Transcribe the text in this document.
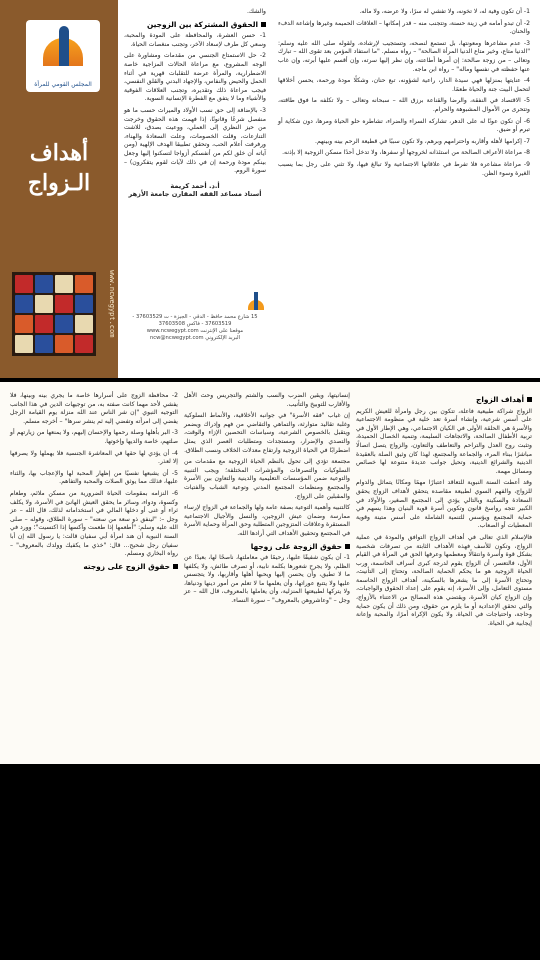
المجلس القومي للمرأة
أهداف
الـزواج
www.ncwegypt.com

والشك.

الحقوق المشتركة بين الزوجين

1- حسن العشرة، والمحافظة على المودة والمحبة، وسعي كل طرف لإسعاد الآخر، وتجنب منغصات الحياة.

2- حل الاستمتاع الجنسي من مقدمات ومشاورة على الوجه المشروع، مع مراعاة الحالات المزاجية خاصة الاضطرارية، والمرأة عرضة للتقلبات قهرية في أثناء الحمل والحيض والنفاس، والإجهاد البدني والقلق النفسي، فيجب مراعاة ذلك وتقديره، وتجنب العلاقات الفوقية والأشياء وما لا يتفق مع الفطرة الإنسانية السوية.

3- بالإضافة إلى حق نسب الأولاد والميراث حسب ما هو منفصل شرعًا وقانونًا، إذا فهمت هذه الحقوق وخرجت من حيز النظري إلى العملي، ووعيت بصدق، للاشت التنازعات، وقلت الخصومات، وعلت السعادة والهناء، ورفرفت أعلام الحب، وتحقق تطبيقا الهدف الإلهية (ومن آياته أن خلق لكم من أنفسكم أزواجا لتسكنوا إليها وجعل بينكم مودة ورحمة إن في ذلك لآيات لقوم يتفكرون) – سورة الروم.

أ.د. أحمد كريمة
أستاذ مساعد الفقه المقارن جامعة الأزهر
15 شارع محمد حافظ - الدقي - الجيزة - ت 37603529 - 37603519 - فاكس 37603508
موقعنا على الإنترنت www.ncwegypt.com
البريد الإلكتروني ncw@ncwegypt.com

1- أن تكون وفية له، لا تخونه، ولا تفشي له سرًا، ولا عرضه، ولا ماله.

2- أن تبدو أمامه في زينة حسنة، وتتجنب منه – قدر إمكانها – العلاقات الحميمة وغيرها وإشاعة الدفء والحنان.

3- عدم مشاعرها ومعونتها، بل تستمع لنصحه، وتستجيب لإرشاده، ولقوله صلى الله عليه وسلم: "الدنيا متاع، وخير متاع الدنيا المرأة الصالحة" – رواه مسلم. "ما استفاد المؤمن بعد تقوى الله – تبارك وتعالى – من زوجة صالحة: إن أمرها أطاعته، وإن نظر إليها سرته، وإن أقسم عليها أبرته، وإن غاب عنها حفظته في نفسها وماله" – رواه ابن ماجه.

4- عنايتها بمنزلها فهي سيدة الدار، راعية لشؤونه، تبع حنان، وشكلًا مودة ورحمة، يحسن أخلاقها لتحمل البيت جنة والحياة طعمًا.

5- الاقتصاد في النفقة، والرضا والقناعة برزق الله – سبحانه وتعالى – ولا تكلفه ما فوق طاقته، وتتحرى من الأموال المشبوهة والحرام.

6- أن تكون عونًا له على الدهر، تشاركه السراء والضراء، تشاطره حلو الحياة ومرها، دون شكاية أو تبرم أو ضيق.

7- إكرامها لأهله وأقاربه واحترامهم وبرهم، ولا تكون سببًا في قطيعة الرحم بينه وبينهم.

8- مراعاة الأعراف الصالحة من استئذانه لخروجها أو سفرها، ولا تدخل أحدًا مسكن الزوجية إلا بإذنه.

9- مراعاة مشاعره فلا تفرط في علاقاتها الاجتماعية ولا تبالغ فيها، ولا تثني على رجل بما يسبب الغيرة وسوء الظن.

أهداف الزواج

الزواج شراكة طبيعية فاعلة، تتكون بين رجل وامرأة للعيش الكريم على أسس شرعية، وإنشاء أسرة تعد خلية في منظومة الاجتماعية والأسرة هي الحلقة الأولى في الكيان الاجتماعي، وهي الإطار الأول في تربية الأطفال الصالحة، والاتجاهات السليمة، وتنمية الخصال الحميدة، وتثبت روح العدل والتراحم والتعاطف والتعاون، والزواج يتصل اتصالًا مباشرًا ببناء المرء، والجماعة والمجتمع، لهذا كان وثيق الصلة بالعقيدة الدينية والشرائع الدينية، وتحيل جوانب عديدة متنوعة لها خصائص ومسائل مهمة.

وقد أعطت السنة النبوية للتعاقد اعتبارًا مهمًا ومكانًا يتماثل والدوام للزواج، والفهم السوي لطبيعة مقاصده يتحقق لأهداف الزواج يحقق السعادة والسكينة وبالتالي يؤدي إلى المجتمع الصغير، والأولاد في الكبير تتجه رواسخ قانون وتكوين أسرة قوية البنيان وهذا يسهم في حماية المجتمع ويؤسس للتنمية الشاملة على أسس متينة وقوية المعطيات أو الصعاب.

فالإسلام الذي تعالى في أهداف الزواج التوافق والمودة في عملية الزواج، وتكون للأسف فهذه الأهداف الثابتة من تصرفات شخصية بشكل قوة وأسرة وانتقالًا ومعطمها وعرفها الحق في المرأة في القيام الأول، فالتعسر، أن الزواج يقوم لدرجة كبرى أسراف الحاسمة، ورب الحياة الزوجية هو ما يحكم الحماية الصالحة، وتحتاج إلى التأنيث، وتحتاج الأسرة إلى ما يشعرها بالسكينة، أهداف الزواج الحاسمة مستوى التعامل، وإلى الأسرة، إنه يقوم على إعداد الحقوق والواجبات، وإن الزواج كيان الأسرة، ويقتضي هذه المصالح من الاعتناء بالأزواج، والتي تحقق الإعدادية أو ما يلزم من حقوق، ومن ذلك أن يكون حماية وحاجة، واحتياجات في الحياة، ولا يكون الإكراه أمرًا، والمحبة وإعانة إيجابية في الحياة.

إنسانيتها، ويقين الضرب والسب والشتم والتجريس وحث الأهل والأقارب للتوبيخ والتأنيب.

إن غياب "فقه الأسرة" في جوانبه الأخلاقية، والأنماط السلوكية وغلبة تقاليد متوارثة، والتماهي والتقاضي من فهم وإدراك ويضمر ويتقبل بالخصوص الشرعية، وسياسات التحصين الإزاء والوقت، والتصدي والإضرار، ومستجدات ومتطلبات العصر الذي يمثل اضطرابًا في الحياة الزوجية وارتفاع معدلات الخلاف ونسب الطلاق.

مجتمعة تؤدي إلى تحول بالنظم الحياة الزوجية مع مقدمات من السلوكيات والتصرفات والمؤشرات المختلفة؛ ويجب التنبيه والتوعية ضمن المؤسسات التعليمية والدينية والتعاون بين الأسرة والمجتمع ومنظمات المجتمع المدني وتوعية الشباب والفتيات والمقبلين على الزواج.

كالتنبيه وأهمية التوعية بصفة عامة ولها والجماعة في الزواج لإرساء ممارسة وضمان عيش الزوجين، والنسل والأجيال الاجتماعية المستقرة وعلاقات المتزوجين المتطلبة وحق المرأة وحماية الأسرة في المجتمع وتحقيق الأهداف التي أرادها الله.

حقوق الزوجة على زوجها

1- أن يكون شفيقًا عليها، رحيمًا في معاملتها، ناصحًا لها، بعيدًا عن الظلم، ولا يجرح شعورها بكلمة نابية، أو تصرف طائش، ولا يكلفها ما لا تطيق، وأن يحسن إليها ويحبها أهلها وأقاربها، ولا يتجسس عليها ولا يتتبع عوراتها، وأن يعلمها ما لا تعلم من أمور دينها ودنياها، ولا يتركها لطبيعتها المنزلية، وأن يعاملها بالمعروف، قال الله – عز وجل – "وعاشروهن بالمعروف" – سورة النساء.

2- محافظة الزوج على أسرارها خاصة ما يجري بينه وبينها، فلا يفشي لأحد مهما كانت صفته به، من توجيهات الدين في هذا الجانب التوجيه النبوي "إن شر الناس عند الله منزلة يوم القيامة الرجل يفضي إلى امرأته وتفضي إليه ثم ينشر سرها" – أخرجه مسلم.

3- البر بأهلها وصلة رحمها والإحسان إليهم، ولا يمنعها من زيارتهم أو صلتهم، خاصة والديها وإخوتها.

4- أن يؤدي لها حقها في المعاشرة الجنسية فلا يهملها ولا يصرفها إلا لعذر.

5- أن يشبعها نفسيًا من إظهار المحبة لها والإعجاب بها، والثناء عليها، فذلك مما يوثق الصلات والمحبة والتفاهم.

6- النزامه بمقومات الحياة الضرورية من مسكن ملائم، وطعام وكسوة، ودواء، وسائر ما يحقق العيش الهانئ في الأسرة، ولا يكلف ثراء أو غنى أو دخلها المالي في استخداماته لذلك، قال الله – عز وجل –: "لينفق ذو سعة من سعته" – سورة الطلاق، وقوله – صلى الله عليه وسلم: "أطعمها إذا طعمت وأكسها إذا اكتسيت"؛ وورد في السنة النبوية أن هند امرأة أبي سفيان قالت: يا رسول الله إن أبا سفيان رجل شحيح... قال: "خذي ما يكفيك وولدك بالمعروف" – رواه البخاري ومسلم.

حقوق الزوج على زوجته
